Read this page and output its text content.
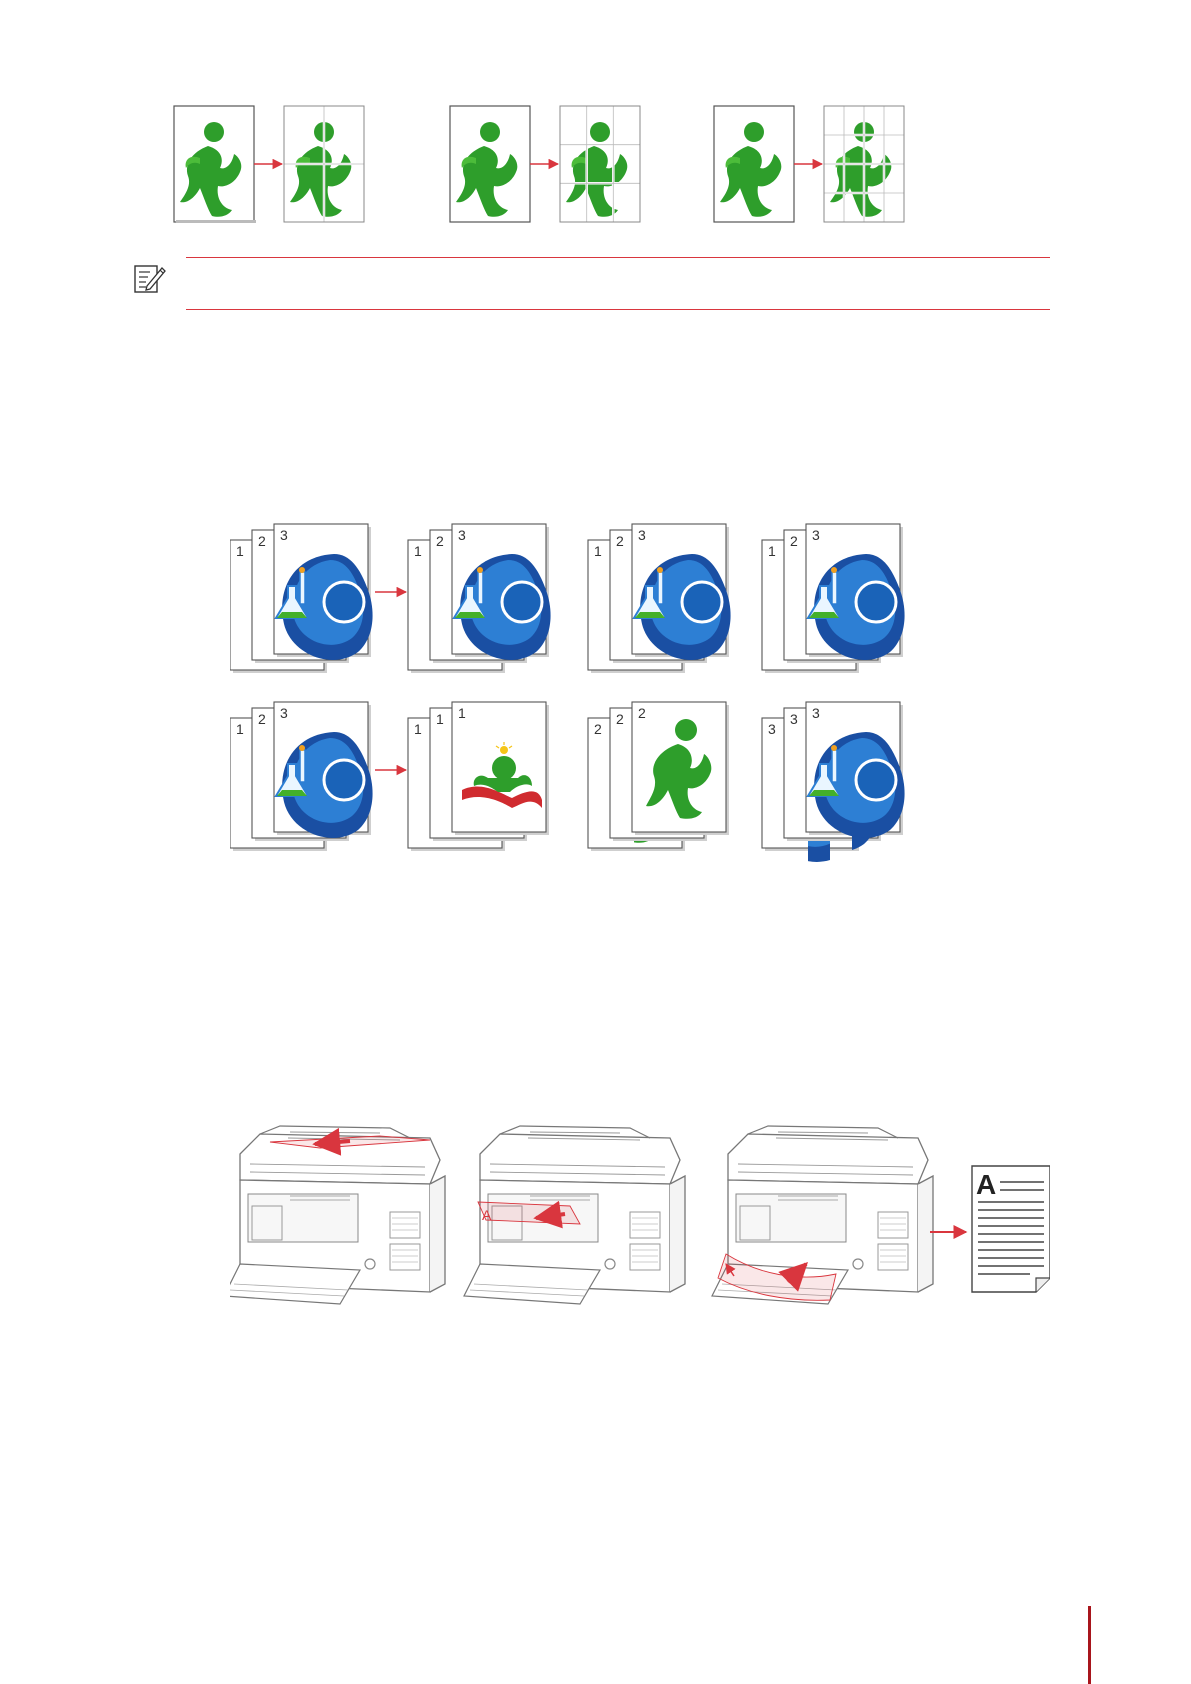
1
2 3
1
2 3
1
2 3
1
2 3
1
2 3
1
1 1
2
2 2
3
3 3
A
A
